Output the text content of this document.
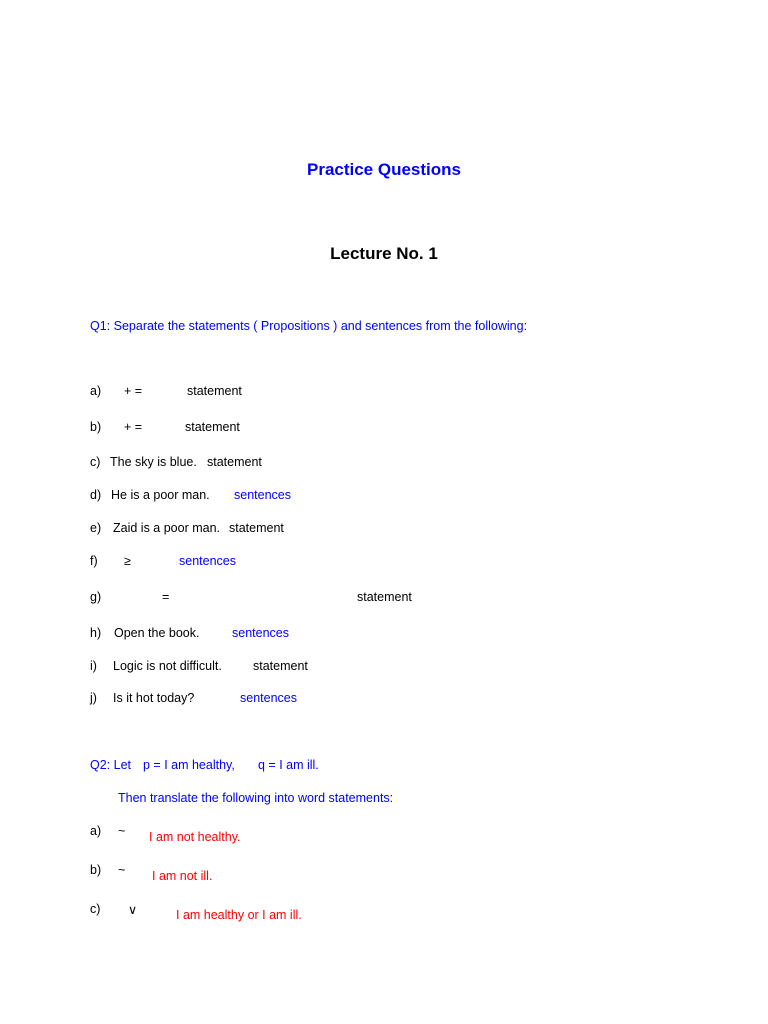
Practice Questions
Lecture No. 1
Q1: Separate the statements ( Propositions ) and sentences from the following:
a) + =	statement
b) + =	statement
c) The sky is blue. statement
d) He is a poor man. sentences
e) Zaid is a poor man. statement
f) ≥	sentences
g)	=	statement
h) Open the book.	sentences
i) Logic is not difficult. statement
j) Is it hot today?	sentences
Q2: Let p = I am healthy, q = I am ill.
Then translate the following into word statements:
a) ~ I am not healthy.
b) ~ I am not ill.
c) ∨	I am healthy or I am ill.
